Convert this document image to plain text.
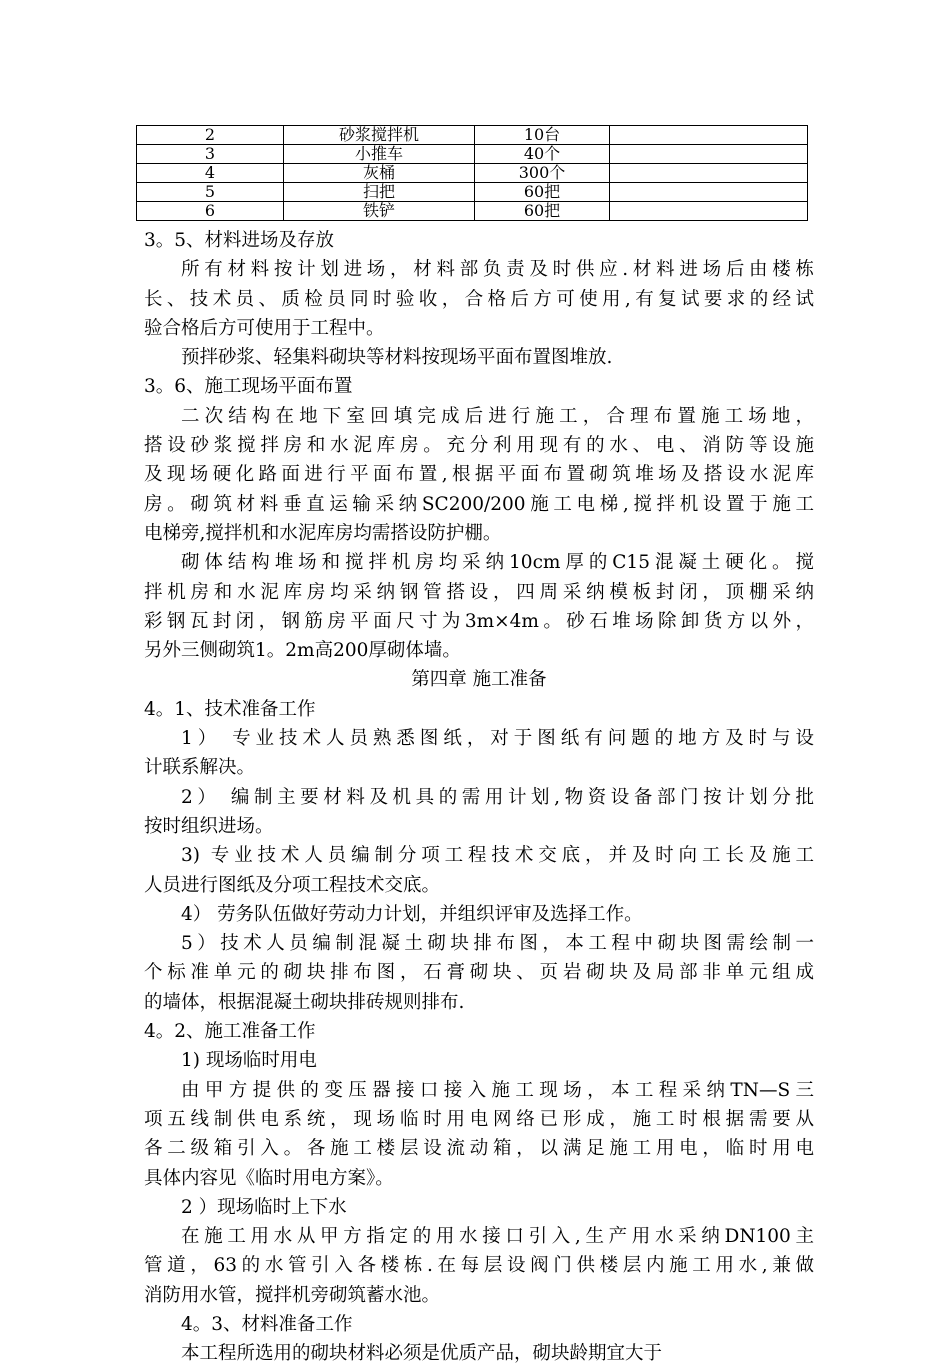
2	砂浆搅拌机	10台	
3	小推车	40个	
4	灰桶	300个	
5	扫把	60把	
6	铁铲	60把	

3。5、材料进场及存放

所有材料按计划进场，材料部负责及时供应.材料进场后由楼栋

长、技术员、质检员同时验收，合格后方可使用,有复试要求的经试

验合格后方可使用于工程中。

预拌砂浆、轻集料砌块等材料按现场平面布置图堆放.

3。6、施工现场平面布置

二次结构在地下室回填完成后进行施工，合理布置施工场地，

搭设砂浆搅拌房和水泥库房。充分利用现有的水、电、消防等设施

及现场硬化路面进行平面布置,根据平面布置砌筑堆场及搭设水泥库

房。砌筑材料垂直运输采纳SC200/200施工电梯,搅拌机设置于施工

电梯旁,搅拌机和水泥库房均需搭设防护棚。

砌体结构堆场和搅拌机房均采纳10cm厚的C15混凝土硬化。搅

拌机房和水泥库房均采纳钢管搭设，四周采纳模板封闭，顶棚采纳

彩钢瓦封闭，钢筋房平面尺寸为3m×4m。砂石堆场除卸货方以外，

另外三侧砌筑1。2m高200厚砌体墙。

第四章 施工准备

4。1、技术准备工作

1） 专业技术人员熟悉图纸，对于图纸有问题的地方及时与设

计联系解决。

2） 编制主要材料及机具的需用计划,物资设备部门按计划分批

按时组织进场。

3) 专业技术人员编制分项工程技术交底，并及时向工长及施工

人员进行图纸及分项工程技术交底。

4） 劳务队伍做好劳动力计划，并组织评审及选择工作。

5）技术人员编制混凝土砌块排布图，本工程中砌块图需绘制一

个标准单元的砌块排布图，石膏砌块、页岩砌块及局部非单元组成

的墙体，根据混凝土砌块排砖规则排布.

4。2、施工准备工作

1) 现场临时用电

由甲方提供的变压器接口接入施工现场，本工程采纳TN—S三

项五线制供电系统，现场临时用电网络已形成，施工时根据需要从

各二级箱引入。各施工楼层设流动箱，以满足施工用电，临时用电

具体内容见《临时用电方案》。

2 ）现场临时上下水

在施工用水从甲方指定的用水接口引入,生产用水采纳DN100主

管道，63的水管引入各楼栋.在每层设阀门供楼层内施工用水,兼做

消防用水管，搅拌机旁砌筑蓄水池。

4。3、材料准备工作

本工程所选用的砌块材料必须是优质产品，砌块龄期宜大于
